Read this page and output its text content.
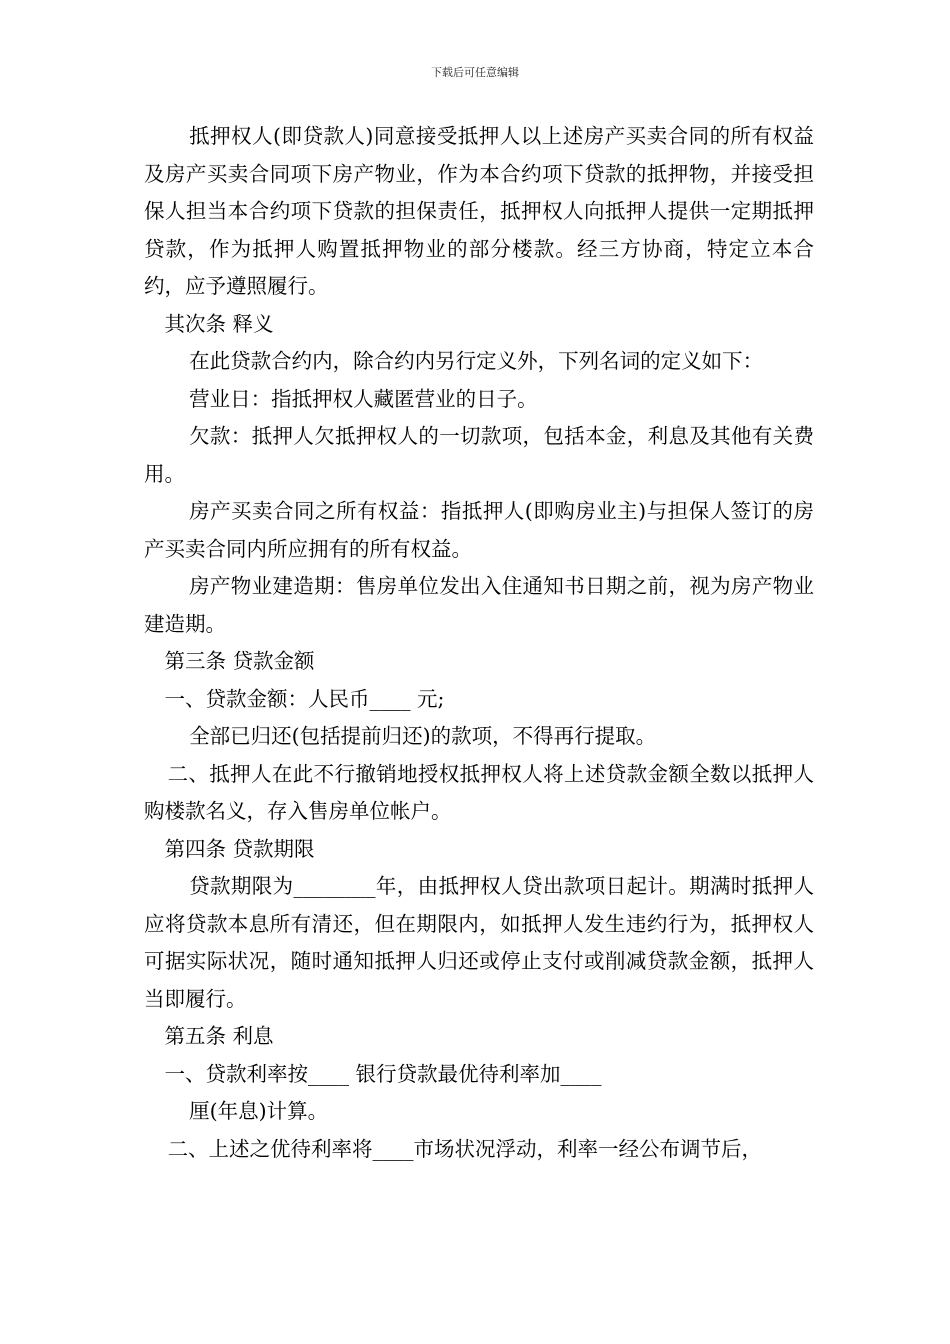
下载后可任意编辑

抵押权人(即贷款人)同意接受抵押人以上述房产买卖合同的所有权益及房产买卖合同项下房产物业，作为本合约项下贷款的抵押物，并接受担保人担当本合约项下贷款的担保责任，抵押权人向抵押人提供一定期抵押贷款，作为抵押人购置抵押物业的部分楼款。经三方协商，特定立本合约，应予遵照履行。

其次条 释义

在此贷款合约内，除合约内另行定义外，下列名词的定义如下：

营业日：指抵押权人藏匿营业的日子。

欠款：抵押人欠抵押权人的一切款项，包括本金，利息及其他有关费用。

房产买卖合同之所有权益：指抵押人(即购房业主)与担保人签订的房产买卖合同内所应拥有的所有权益。

房产物业建造期：售房单位发出入住通知书日期之前，视为房产物业建造期。

第三条 贷款金额

一、贷款金额：人民币____ 元;

全部已归还(包括提前归还)的款项，不得再行提取。

二、抵押人在此不行撤销地授权抵押权人将上述贷款金额全数以抵押人购楼款名义，存入售房单位帐户。

第四条 贷款期限

贷款期限为________年，由抵押权人贷出款项日起计。期满时抵押人应将贷款本息所有清还，但在期限内，如抵押人发生违约行为，抵押权人可据实际状况，随时通知抵押人归还或停止支付或削减贷款金额，抵押人当即履行。

第五条 利息

一、贷款利率按____ 银行贷款最优待利率加____

厘(年息)计算。

二、上述之优待利率将____市场状况浮动，利率一经公布调节后，
